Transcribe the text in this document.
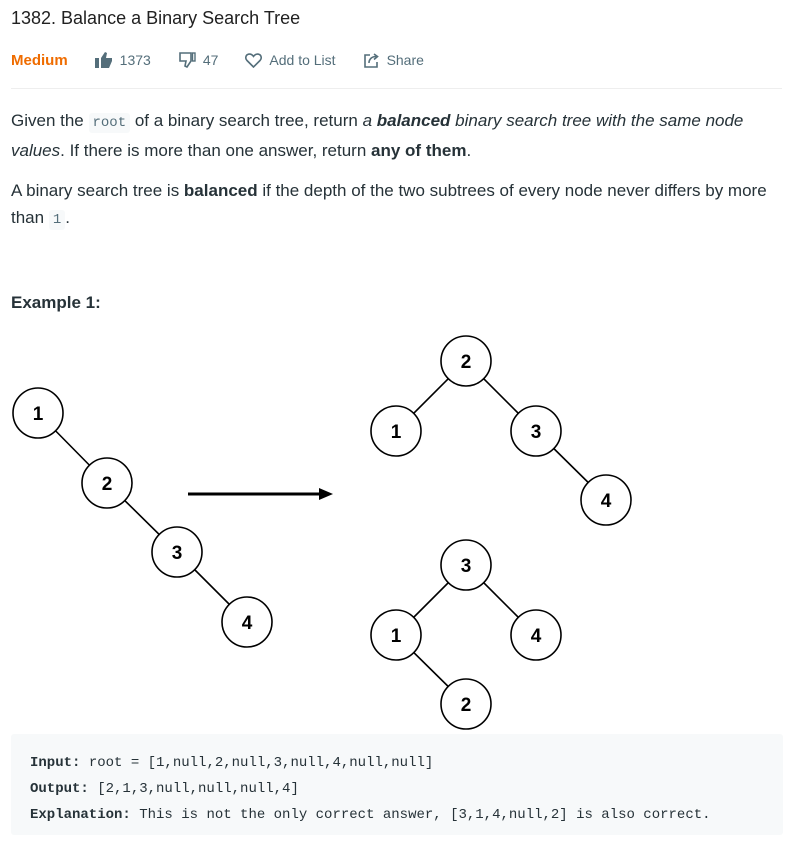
1382. Balance a Binary Search Tree
Medium	1373	47	Add to List	Share
Given the root of a binary search tree, return a balanced binary search tree with the same node values. If there is more than one answer, return any of them.
A binary search tree is balanced if the depth of the two subtrees of every node never differs by more than 1 .
Example 1:
1
2
3
4
2
1	3
4
3
1	4
2
Input: root = [1,null,2,null,3,null,4,null,null]
Output: [2,1,3,null,null,null,4]
Explanation: This is not the only correct answer, [3,1,4,null,2] is also correct.
